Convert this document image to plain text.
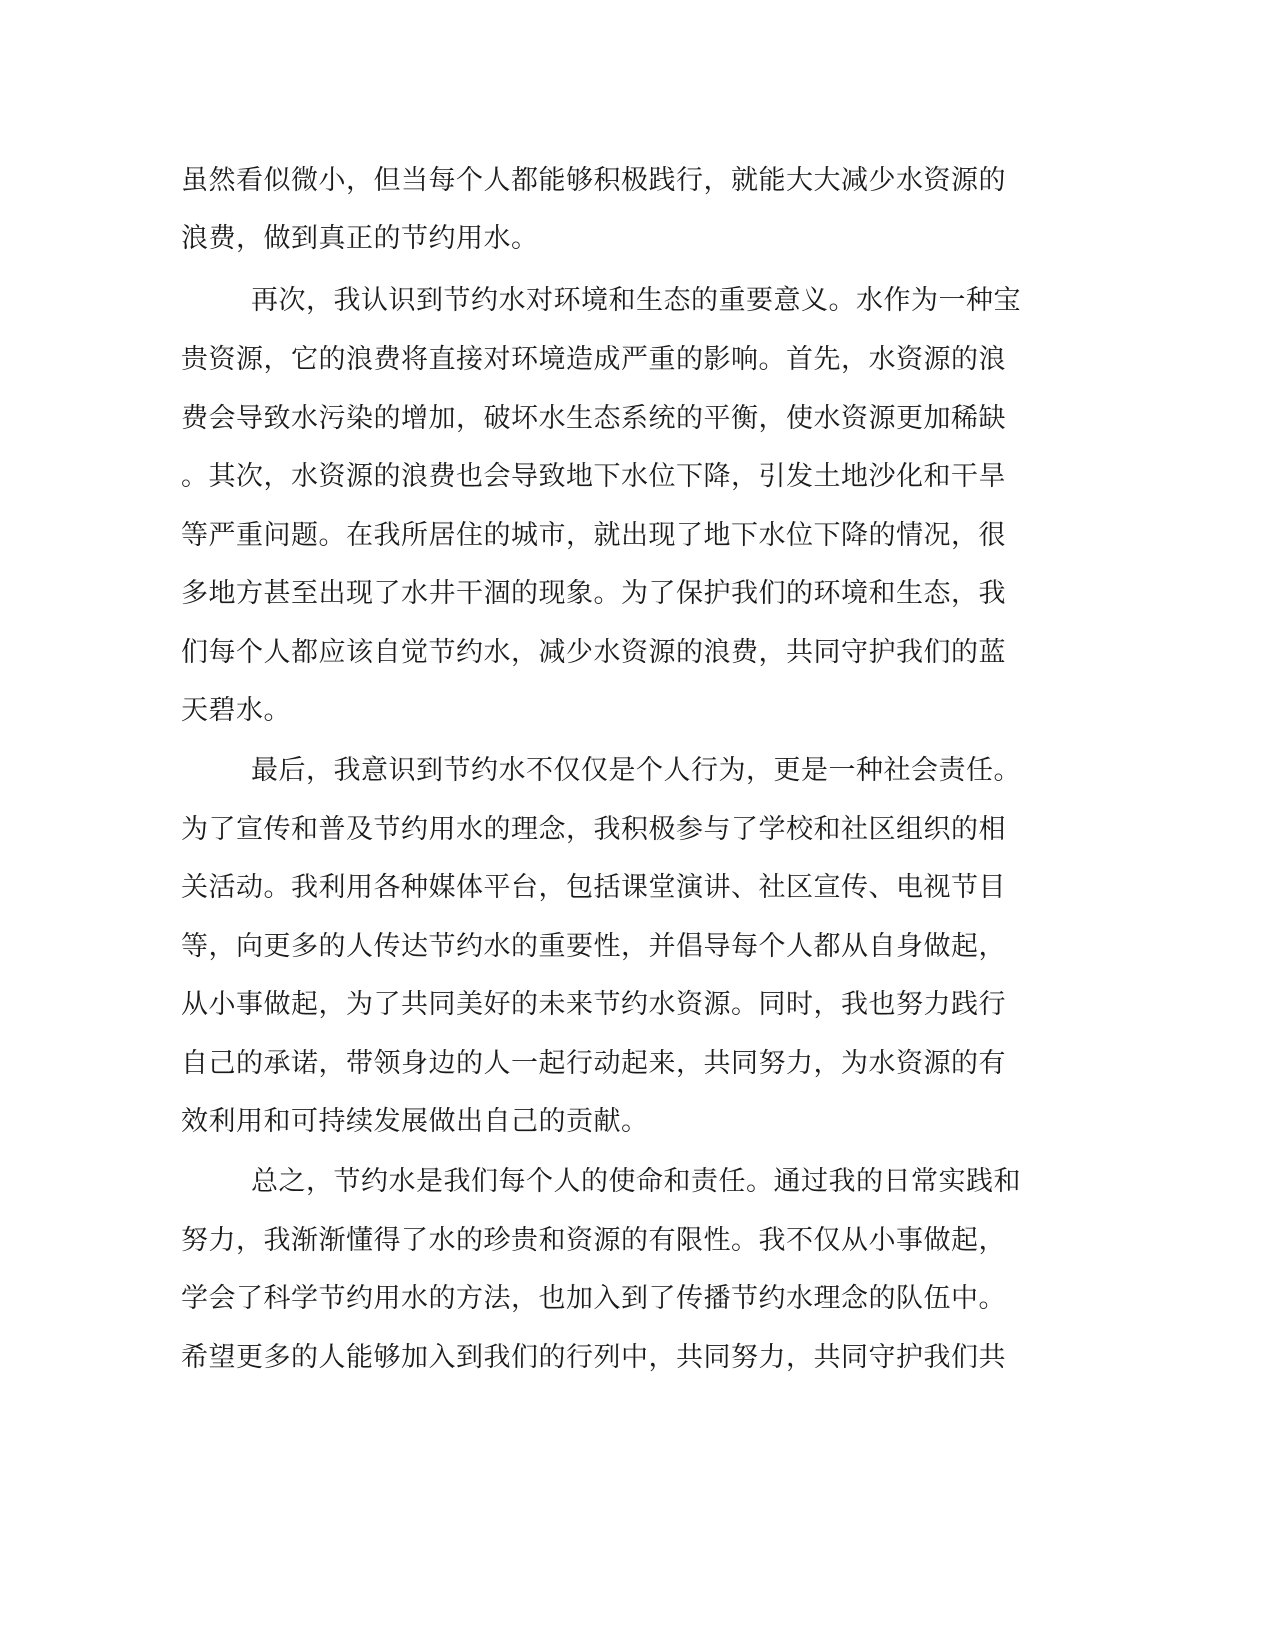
虽然看似微小，但当每个人都能够积极践行，就能大大减少水资源的
浪费，做到真正的节约用水。
再次，我认识到节约水对环境和生态的重要意义。水作为一种宝
贵资源，它的浪费将直接对环境造成严重的影响。首先，水资源的浪
费会导致水污染的增加，破坏水生态系统的平衡，使水资源更加稀缺
。其次，水资源的浪费也会导致地下水位下降，引发土地沙化和干旱
等严重问题。在我所居住的城市，就出现了地下水位下降的情况，很
多地方甚至出现了水井干涸的现象。为了保护我们的环境和生态，我
们每个人都应该自觉节约水，减少水资源的浪费，共同守护我们的蓝
天碧水。
最后，我意识到节约水不仅仅是个人行为，更是一种社会责任。
为了宣传和普及节约用水的理念，我积极参与了学校和社区组织的相
关活动。我利用各种媒体平台，包括课堂演讲、社区宣传、电视节目
等，向更多的人传达节约水的重要性，并倡导每个人都从自身做起，
从小事做起，为了共同美好的未来节约水资源。同时，我也努力践行
自己的承诺，带领身边的人一起行动起来，共同努力，为水资源的有
效利用和可持续发展做出自己的贡献。
总之，节约水是我们每个人的使命和责任。通过我的日常实践和
努力，我渐渐懂得了水的珍贵和资源的有限性。我不仅从小事做起，
学会了科学节约用水的方法，也加入到了传播节约水理念的队伍中。
希望更多的人能够加入到我们的行列中，共同努力，共同守护我们共
